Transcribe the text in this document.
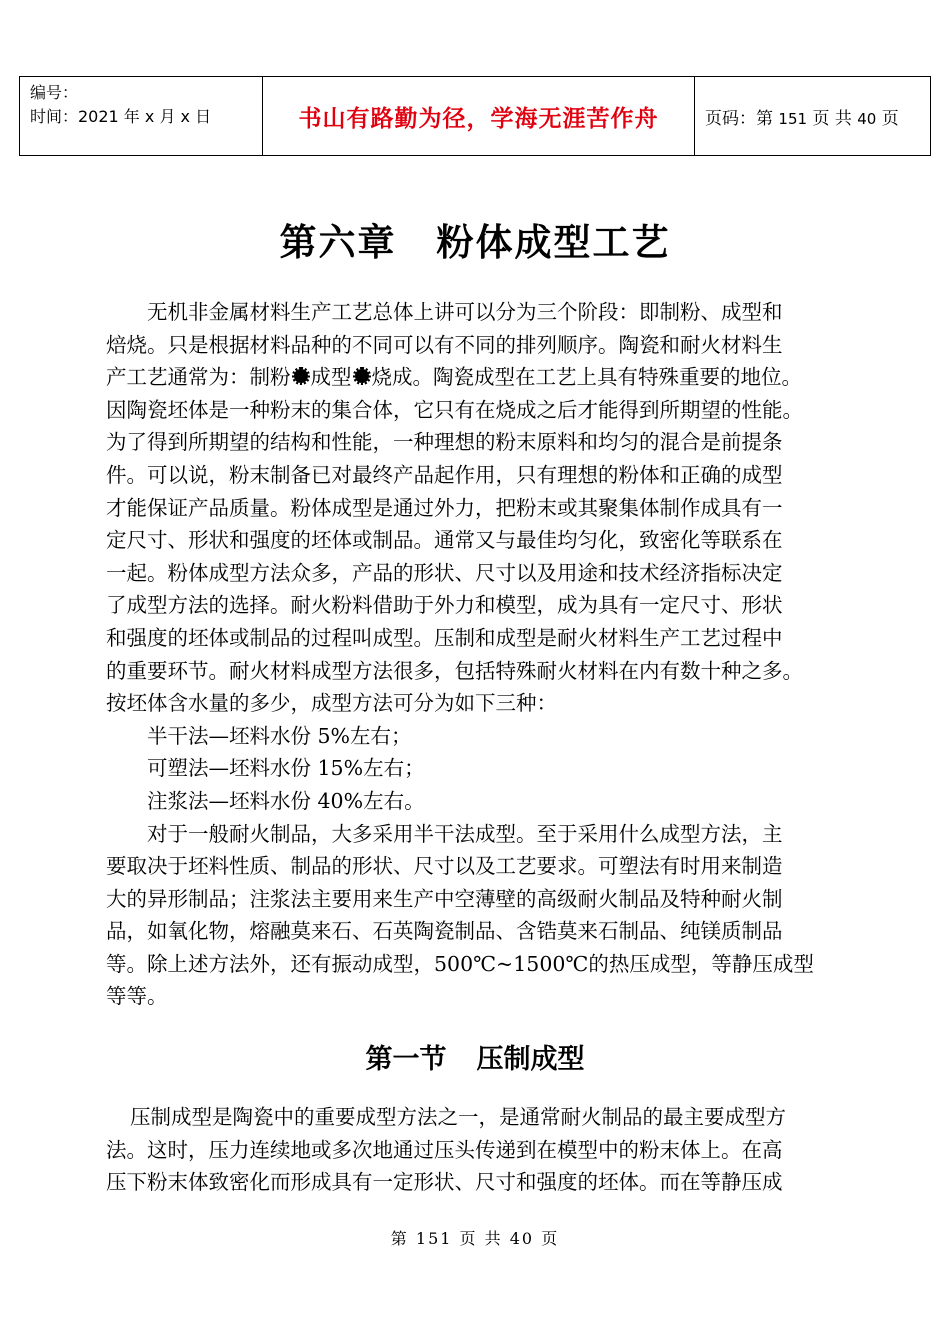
编号：
时间：2021 年 x 月 x 日	书山有路勤为径，学海无涯苦作舟	页码：第 151 页 共 40 页
第六章 粉体成型工艺
无机非金属材料生产工艺总体上讲可以分为三个阶段：即制粉、成型和
焙烧。只是根据材料品种的不同可以有不同的排列顺序。陶瓷和耐火材料生
产工艺通常为：制粉 成型 烧成。陶瓷成型在工艺上具有特殊重要的地位。
因陶瓷坯体是一种粉末的集合体，它只有在烧成之后才能得到所期望的性能。
为了得到所期望的结构和性能，一种理想的粉末原料和均匀的混合是前提条
件。可以说，粉末制备已对最终产品起作用，只有理想的粉体和正确的成型
才能保证产品质量。粉体成型是通过外力，把粉末或其聚集体制作成具有一
定尺寸、形状和强度的坯体或制品。通常又与最佳均匀化，致密化等联系在
一起。粉体成型方法众多，产品的形状、尺寸以及用途和技术经济指标决定
了成型方法的选择。耐火粉料借助于外力和模型，成为具有一定尺寸、形状
和强度的坯体或制品的过程叫成型。压制和成型是耐火材料生产工艺过程中
的重要环节。耐火材料成型方法很多，包括特殊耐火材料在内有数十种之多。
按坯体含水量的多少，成型方法可分为如下三种：
半干法—坯料水份 5%左右；
可塑法—坯料水份 15%左右；
注浆法—坯料水份 40%左右。
对于一般耐火制品，大多采用半干法成型。至于采用什么成型方法，主
要取决于坯料性质、制品的形状、尺寸以及工艺要求。可塑法有时用来制造
大的异形制品；注浆法主要用来生产中空薄壁的高级耐火制品及特种耐火制
品，如氧化物，熔融莫来石、石英陶瓷制品、含锆莫来石制品、纯镁质制品
等。除上述方法外，还有振动成型，500℃~1500℃的热压成型，等静压成型
等等。
第一节 压制成型
压制成型是陶瓷中的重要成型方法之一，是通常耐火制品的最主要成型方
法。这时，压力连续地或多次地通过压头传递到在模型中的粉末体上。在高
压下粉末体致密化而形成具有一定形状、尺寸和强度的坯体。而在等静压成
第 151 页 共 40 页
